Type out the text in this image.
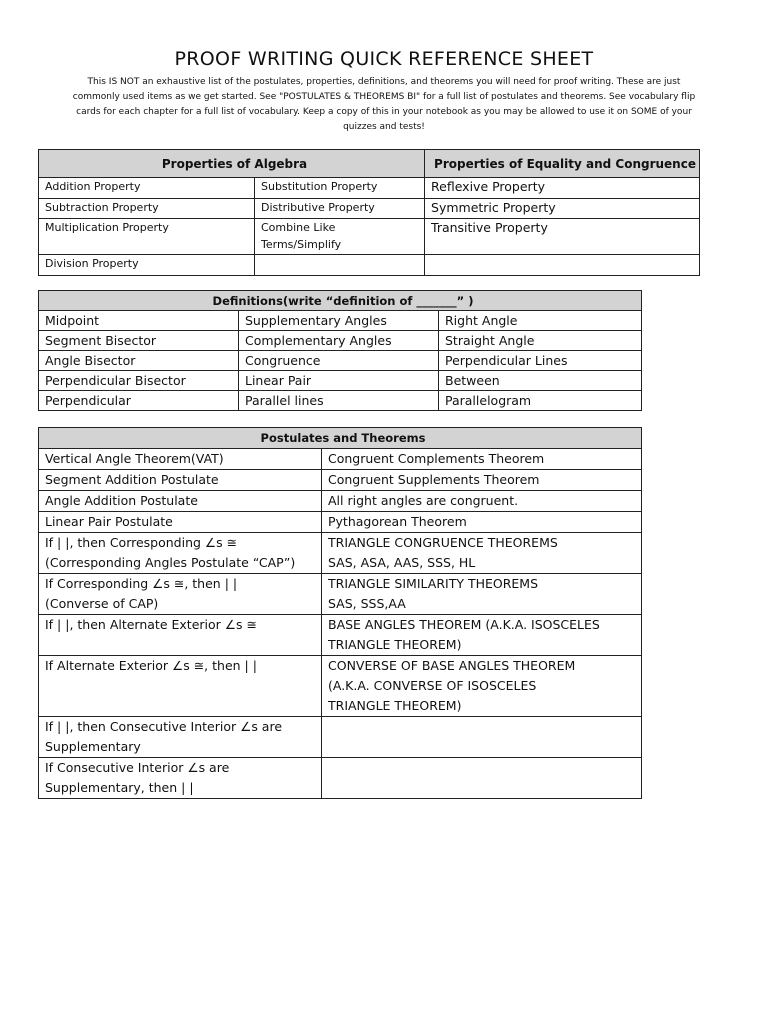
PROOF WRITING QUICK REFERENCE SHEET
This IS NOT an exhaustive list of the postulates, properties, definitions, and theorems you will need for proof writing. These are just
commonly used items as we get started. See "POSTULATES & THEOREMS BI" for a full list of postulates and theorems. See vocabulary flip
cards for each chapter for a full list of vocabulary. Keep a copy of this in your notebook as you may be allowed to use it on SOME of your
quizzes and tests!
Properties of Algebra		Properties of Equality and Congruence

Addition Property	Substitution Property	Reflexive Property

Subtraction Property	Distributive Property	Symmetric Property

Multiplication Property	Combine Like
Terms/Simplify	Transitive Property

Division Property		

Definitions(write “definition of _______” )		
Midpoint	Supplementary Angles	Right Angle
Segment Bisector	Complementary Angles	Straight Angle
Angle Bisector	Congruence	Perpendicular Lines
Perpendicular Bisector	Linear Pair	Between
Perpendicular	Parallel lines	Parallelogram
Postulates and Theorems	

Vertical Angle Theorem(VAT)	Congruent Complements Theorem

Segment Addition Postulate	Congruent Supplements Theorem

Angle Addition Postulate	All right angles are congruent.

Linear Pair Postulate	Pythagorean Theorem

If | |, then Corresponding ∠s ≅
(Corresponding Angles Postulate “CAP”)	TRIANGLE CONGRUENCE THEOREMS
SAS, ASA, AAS, SSS, HL

If Corresponding ∠s ≅, then | |
(Converse of CAP)	TRIANGLE SIMILARITY THEOREMS
SAS, SSS,AA

If | |, then Alternate Exterior ∠s ≅	BASE ANGLES THEOREM (A.K.A. ISOSCELES
TRIANGLE THEOREM)

If Alternate Exterior ∠s ≅, then | |	CONVERSE OF BASE ANGLES THEOREM
(A.K.A. CONVERSE OF ISOSCELES
TRIANGLE THEOREM)

If | |, then Consecutive Interior ∠s are
Supplementary	

If Consecutive Interior ∠s are
Supplementary, then | |	
